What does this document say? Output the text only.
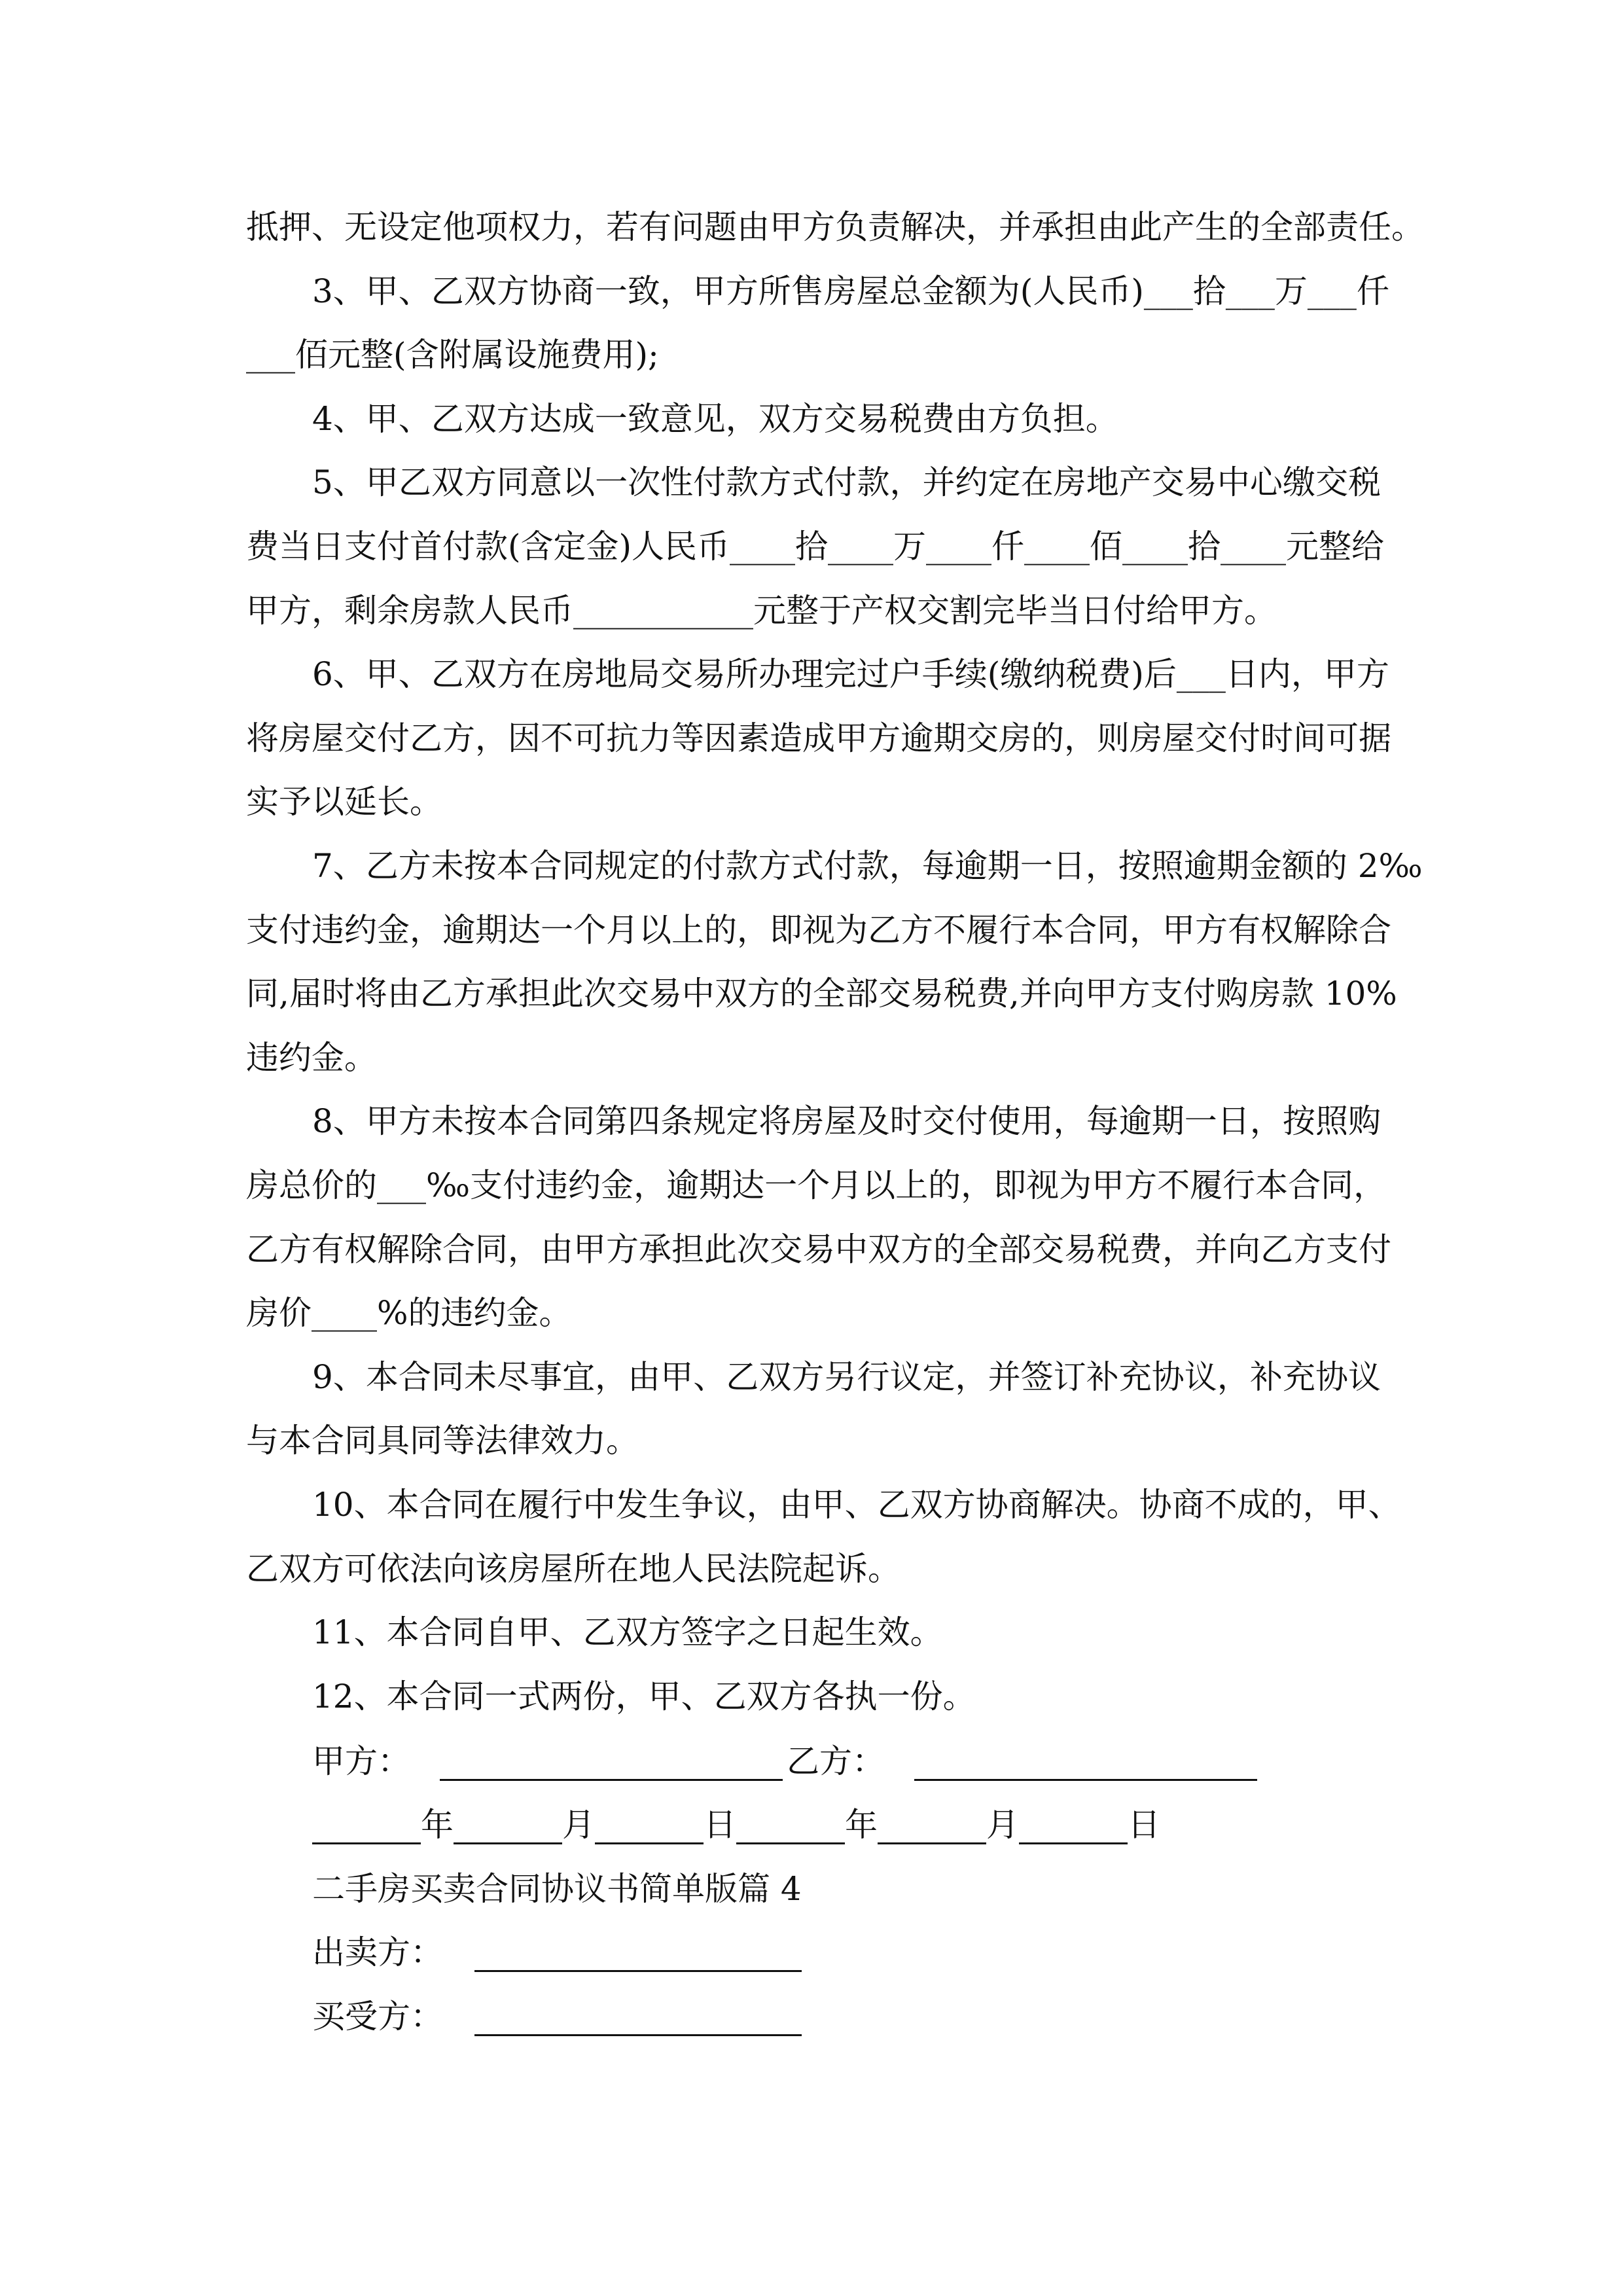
抵押、无设定他项权力，若有问题由甲方负责解决，并承担由此产生的全部责任。
3、甲、乙双方协商一致，甲方所售房屋总金额为(人民币)___拾___万___仟
___佰元整(含附属设施费用);
4、甲、乙双方达成一致意见，双方交易税费由方负担。
5、甲乙双方同意以一次性付款方式付款，并约定在房地产交易中心缴交税
费当日支付首付款(含定金)人民币____拾____万____仟____佰____拾____元整给
甲方，剩余房款人民币___________元整于产权交割完毕当日付给甲方。
6、甲、乙双方在房地局交易所办理完过户手续(缴纳税费)后___日内，甲方
将房屋交付乙方，因不可抗力等因素造成甲方逾期交房的，则房屋交付时间可据
实予以延长。
7、乙方未按本合同规定的付款方式付款，每逾期一日，按照逾期金额的 2‰
支付违约金，逾期达一个月以上的，即视为乙方不履行本合同，甲方有权解除合
同,届时将由乙方承担此次交易中双方的全部交易税费,并向甲方支付购房款 10%
违约金。
8、甲方未按本合同第四条规定将房屋及时交付使用，每逾期一日，按照购
房总价的___‰支付违约金，逾期达一个月以上的，即视为甲方不履行本合同，
乙方有权解除合同，由甲方承担此次交易中双方的全部交易税费，并向乙方支付
房价____%的违约金。
9、本合同未尽事宜，由甲、乙双方另行议定，并签订补充协议，补充协议
与本合同具同等法律效力。
10、本合同在履行中发生争议，由甲、乙双方协商解决。协商不成的，甲、
乙双方可依法向该房屋所在地人民法院起诉。
11、本合同自甲、乙双方签字之日起生效。
12、本合同一式两份，甲、乙双方各执一份。
甲方：	乙方：
年	月	日	年	月	日
二手房买卖合同协议书简单版篇 4
出卖方：
买受方：
